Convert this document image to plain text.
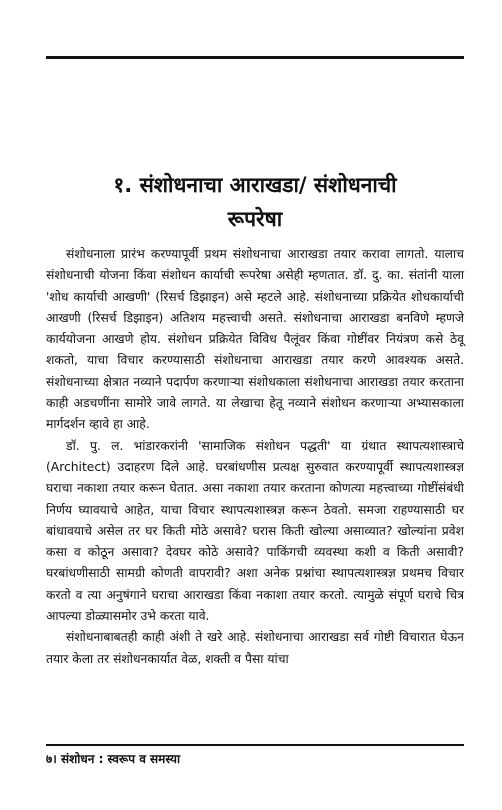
१. संशोधनाचा आराखडा/ संशोधनाची
रूपरेषा

संशोधनाला प्रारंभ करण्यापूर्वी प्रथम संशोधनाचा आराखडा तयार करावा लागतो. यालाच संशोधनाची योजना किंवा संशोधन कार्याची रूपरेषा असेही म्हणतात. डॉ. दु. का. संतांनी याला 'शोध कार्याची आखणी' (रिसर्च डिझाइन) असे म्हटले आहे. संशोधनाच्या प्रक्रियेत शोधकार्याची आखणी (रिसर्च डिझाइन) अतिशय महत्त्वाची असते. संशोधनाचा आराखडा बनविणे म्हणजे कार्ययोजना आखणे होय. संशोधन प्रक्रियेत विविध पैलूंवर किंवा गोष्टींवर नियंत्रण कसे ठेवू शकतो, याचा विचार करण्यासाठी संशोधनाचा आराखडा तयार करणे आवश्यक असते. संशोधनाच्या क्षेत्रात नव्याने पदार्पण करणाऱ्या संशोधकाला संशोधनाचा आराखडा तयार करताना काही अडचणींना सामोरे जावे लागते. या लेखाचा हेतू नव्याने संशोधन करणाऱ्या अभ्यासकाला मार्गदर्शन व्हावे हा आहे.

डॉ. पु. ल. भांडारकरांनी 'सामाजिक संशोधन पद्धती' या ग्रंथात स्थापत्यशास्त्राचे (Architect) उदाहरण दिले आहे. घरबांधणीस प्रत्यक्ष सुरुवात करण्यापूर्वी स्थापत्यशास्त्रज्ञ घराचा नकाशा तयार करून घेतात. असा नकाशा तयार करताना कोणत्या महत्त्वाच्या गोष्टींसंबंधी निर्णय घ्यावयाचे आहेत, याचा विचार स्थापत्यशास्त्रज्ञ करून ठेवतो. समजा राहण्यासाठी घर बांधावयाचे असेल तर घर किती मोठे असावे? घरास किती खोल्या असाव्यात? खोल्यांना प्रवेश कसा व कोठून असावा? देवघर कोठे असावे? पाकिंगची व्यवस्था कशी व किती असावी? घरबांधणीसाठी सामग्री कोणती वापरावी? अशा अनेक प्रश्नांचा स्थापत्यशास्त्रज्ञ प्रथमच विचार करतो व त्या अनुषंगाने घराचा आराखडा किंवा नकाशा तयार करतो. त्यामुळे संपूर्ण घराचे चित्र आपल्या डोळ्यासमोर उभे करता यावे.

संशोधनाबाबतही काही अंशी ते खरे आहे. संशोधनाचा आराखडा सर्व गोष्टी विचारात घेऊन तयार केला तर संशोधनकार्यात वेळ, शक्ती व पैसा यांचा

७। संशोधन : स्वरूप व समस्या
